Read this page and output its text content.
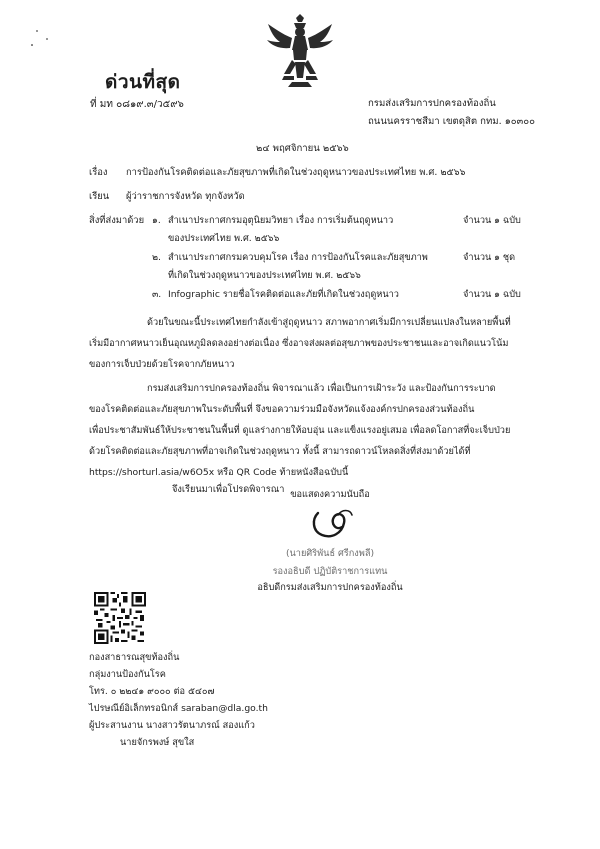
ด่วนที่สุด
ที่ มท ๐๘๑๙.๓/ว๕๙๖	กรมส่งเสริมการปกครองท้องถิ่น
ถนนนครราชสีมา เขตดุสิต กทม. ๑๐๓๐๐
๒๔ พฤศจิกายน ๒๕๖๖
เรื่อง การป้องกันโรคติดต่อและภัยสุขภาพที่เกิดในช่วงฤดูหนาวของประเทศไทย พ.ศ. ๒๕๖๖
เรียน ผู้ว่าราชการจังหวัด ทุกจังหวัด
สิ่งที่ส่งมาด้วย ๑. สำเนาประกาศกรมอุตุนิยมวิทยา เรื่อง การเริ่มต้นฤดูหนาว
ของประเทศไทย พ.ศ. ๒๕๖๖
จำนวน ๑ ฉบับ
๒. สำเนาประกาศกรมควบคุมโรค เรื่อง การป้องกันโรคและภัยสุขภาพ
ที่เกิดในช่วงฤดูหนาวของประเทศไทย พ.ศ. ๒๕๖๖
จำนวน ๑ ชุด
๓. Infographic รายชื่อโรคติดต่อและภัยที่เกิดในช่วงฤดูหนาว	จำนวน ๑ ฉบับ

ด้วยในขณะนี้ประเทศไทยกำลังเข้าสู่ฤดูหนาว สภาพอากาศเริ่มมีการเปลี่ยนแปลงในหลายพื้นที่

เริ่มมีอากาศหนาวเย็นอุณหภูมิลดลงอย่างต่อเนื่อง ซึ่งอาจส่งผลต่อสุขภาพของประชาชนและอาจเกิดแนวโน้ม

ของการเจ็บป่วยด้วยโรคจากภัยหนาว

กรมส่งเสริมการปกครองท้องถิ่น พิจารณาแล้ว เพื่อเป็นการเฝ้าระวัง และป้องกันการระบาด

ของโรคติดต่อและภัยสุขภาพในระดับพื้นที่ จึงขอความร่วมมือจังหวัดแจ้งองค์กรปกครองส่วนท้องถิ่น

เพื่อประชาสัมพันธ์ให้ประชาชนในพื้นที่ ดูแลร่างกายให้อบอุ่น และแข็งแรงอยู่เสมอ เพื่อลดโอกาสที่จะเจ็บป่วย

ด้วยโรคติดต่อและภัยสุขภาพที่อาจเกิดในช่วงฤดูหนาว ทั้งนี้ สามารถดาวน์โหลดสิ่งที่ส่งมาด้วยได้ที่

https://shorturl.asia/w6O5x หรือ QR Code ท้ายหนังสือฉบับนี้

จึงเรียนมาเพื่อโปรดพิจารณา ขอแสดงความนับถือ
(นายศิริพันธ์ ศรีกงพลี)
รองอธิบดี ปฏิบัติราชการแทน
อธิบดีกรมส่งเสริมการปกครองท้องถิ่น

กองสาธารณสุขท้องถิ่น

กลุ่มงานป้องกันโรค

โทร. ๐ ๒๒๔๑ ๙๐๐๐ ต่อ ๕๔๐๗

ไปรษณีย์อิเล็กทรอนิกส์ saraban@dla.go.th

ผู้ประสานงาน นางสาวรัตนาภรณ์ สองแก้ว

นายจักรพงษ์ สุขใส
